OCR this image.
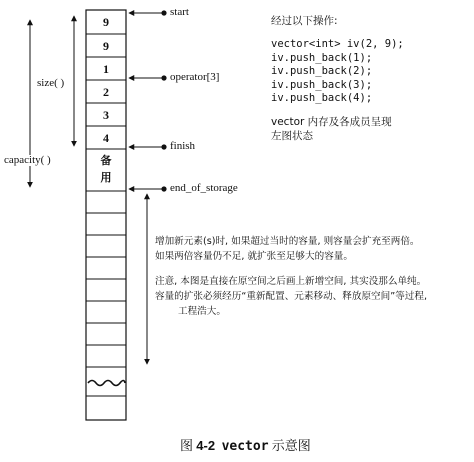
9
9
1
2
3
4
备
用
start
operator[3]
finish
end_of_storage
size( )
capacity( )
经过以下操作:
vector<int> iv(2, 9);
iv.push_back(1);
iv.push_back(2);
iv.push_back(3);
iv.push_back(4);
vector 内存及各成员呈现
左图状态
增加新元素(s)时, 如果超过当时的容量, 则容量会扩充至两倍。
如果两倍容量仍不足, 就扩张至足够大的容量。
注意, 本图是直接在原空间之后画上新增空间, 其实没那么单纯。
容量的扩张必须经历“重新配置、元素移动、释放原空间”等过程,
工程浩大。
图 4-2 vector 示意图
